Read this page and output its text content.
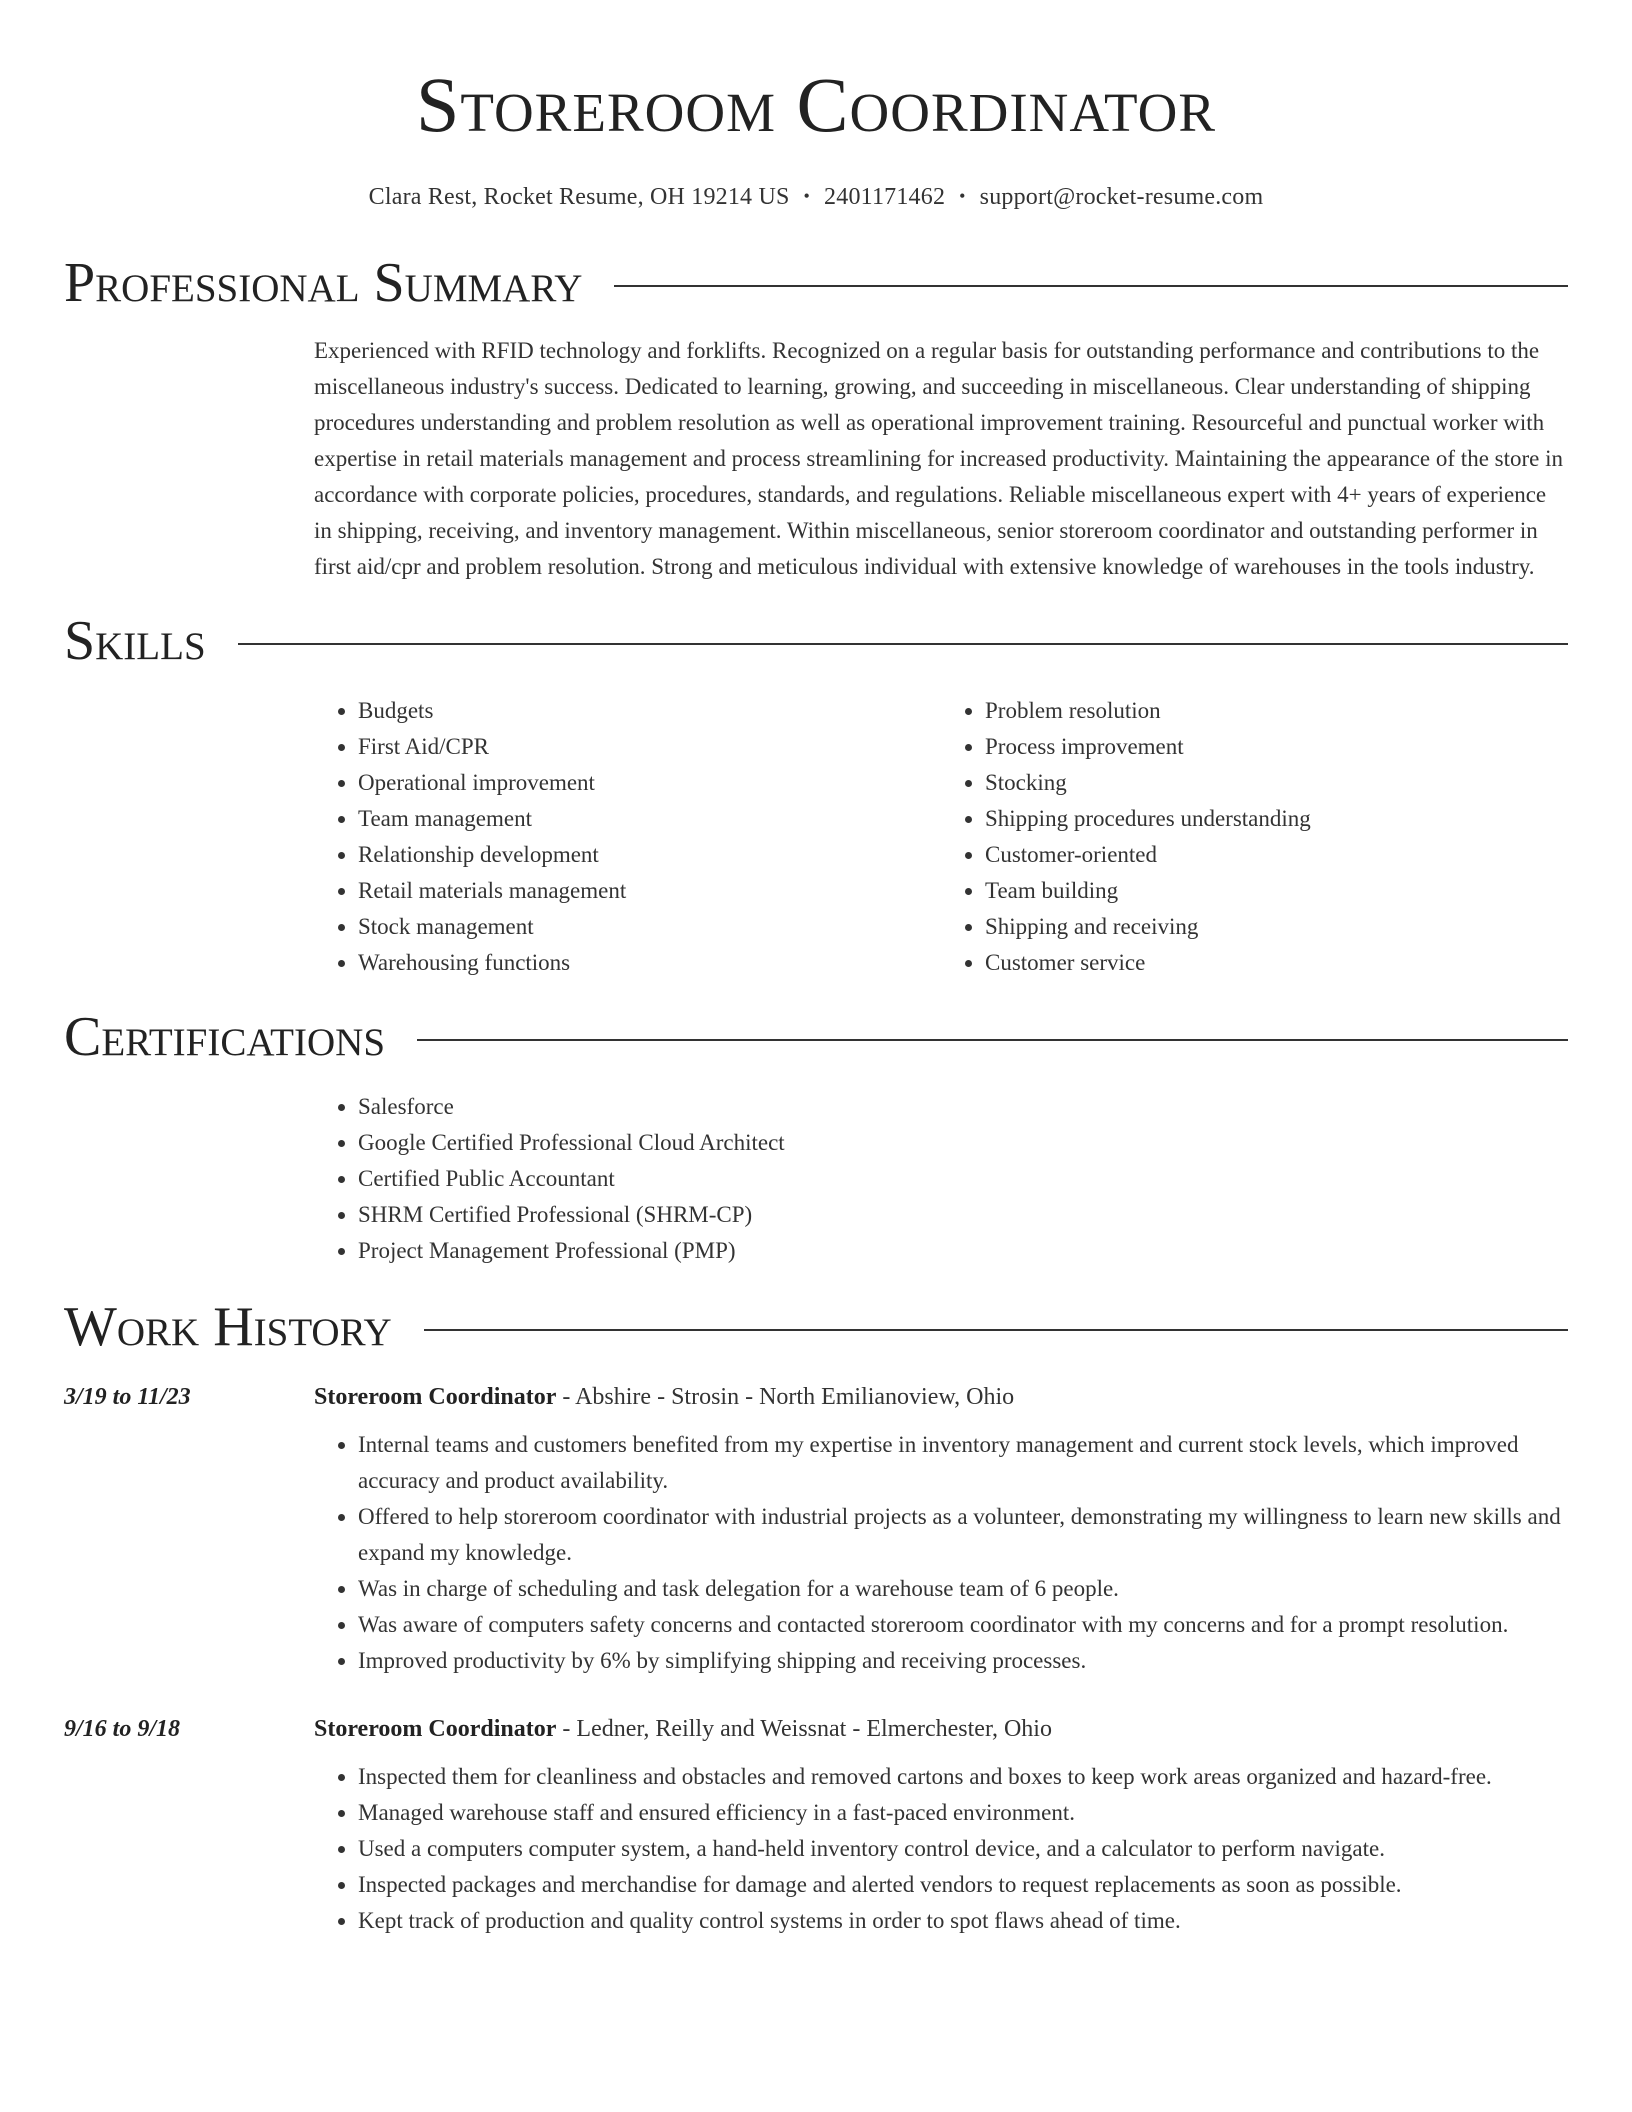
Storeroom Coordinator
Clara Rest, Rocket Resume, OH 19214 US • 2401171462 • support@rocket-resume.com
Professional Summary

Experienced with RFID technology and forklifts. Recognized on a regular basis for outstanding performance and contributions to the miscellaneous industry's success. Dedicated to learning, growing, and succeeding in miscellaneous. Clear understanding of shipping procedures understanding and problem resolution as well as operational improvement training. Resourceful and punctual worker with expertise in retail materials management and process streamlining for increased productivity. Maintaining the appearance of the store in accordance with corporate policies, procedures, standards, and regulations. Reliable miscellaneous expert with 4+ years of experience in shipping, receiving, and inventory management. Within miscellaneous, senior storeroom coordinator and outstanding performer in first aid/cpr and problem resolution. Strong and meticulous individual with extensive knowledge of warehouses in the tools industry.

Skills
• Budgets
• First Aid/CPR
• Operational improvement
• Team management
• Relationship development
• Retail materials management
• Stock management
• Warehousing functions
• Problem resolution
• Process improvement
• Stocking
• Shipping procedures understanding
• Customer-oriented
• Team building
• Shipping and receiving
• Customer service
Certifications
• Salesforce
• Google Certified Professional Cloud Architect
• Certified Public Accountant
• SHRM Certified Professional (SHRM-CP)
• Project Management Professional (PMP)
Work History
3/19 to 11/23	Storeroom Coordinator - Abshire - Strosin - North Emilianoview, Ohio
• Internal teams and customers benefited from my expertise in inventory management and current stock levels, which improved accuracy and product availability.
• Offered to help storeroom coordinator with industrial projects as a volunteer, demonstrating my willingness to learn new skills and expand my knowledge.
• Was in charge of scheduling and task delegation for a warehouse team of 6 people.
• Was aware of computers safety concerns and contacted storeroom coordinator with my concerns and for a prompt resolution.
• Improved productivity by 6% by simplifying shipping and receiving processes.
9/16 to 9/18	Storeroom Coordinator - Ledner, Reilly and Weissnat - Elmerchester, Ohio
• Inspected them for cleanliness and obstacles and removed cartons and boxes to keep work areas organized and hazard-free.
• Managed warehouse staff and ensured efficiency in a fast-paced environment.
• Used a computers computer system, a hand-held inventory control device, and a calculator to perform navigate.
• Inspected packages and merchandise for damage and alerted vendors to request replacements as soon as possible.
• Kept track of production and quality control systems in order to spot flaws ahead of time.
